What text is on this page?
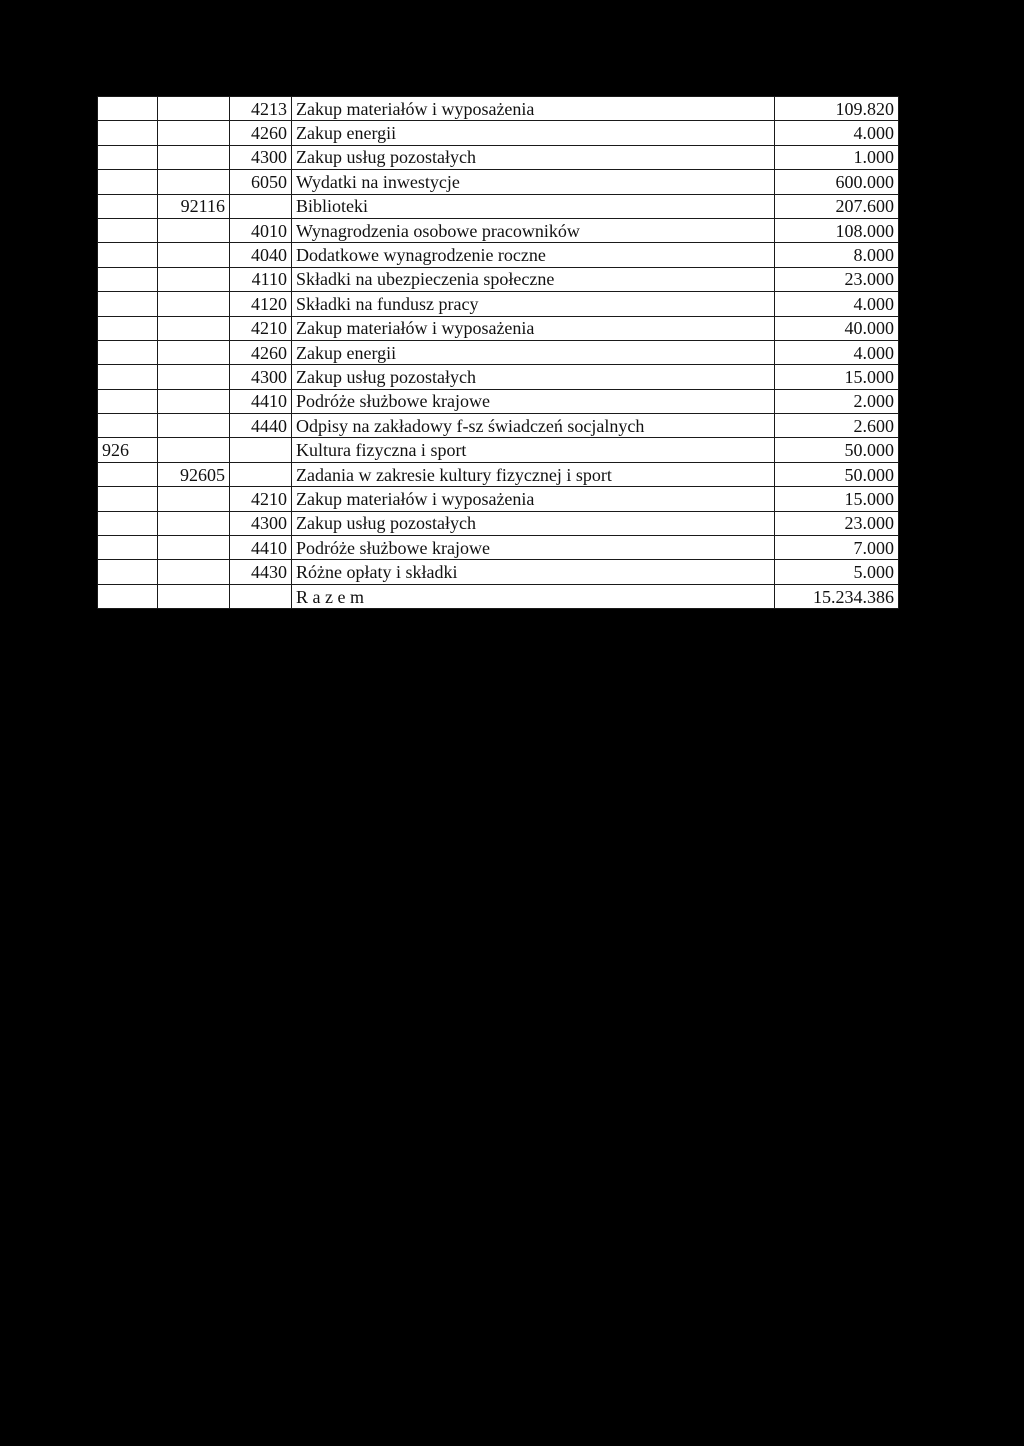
		4213	Zakup materiałów i wyposażenia	109.820
		4260	Zakup energii	4.000
		4300	Zakup usług pozostałych	1.000
		6050	Wydatki na inwestycje	600.000
	92116		Biblioteki	207.600
		4010	Wynagrodzenia osobowe pracowników	108.000
		4040	Dodatkowe wynagrodzenie roczne	8.000
		4110	Składki na ubezpieczenia społeczne	23.000
		4120	Składki na fundusz pracy	4.000
		4210	Zakup materiałów i wyposażenia	40.000
		4260	Zakup energii	4.000
		4300	Zakup usług pozostałych	15.000
		4410	Podróże służbowe krajowe	2.000
		4440	Odpisy na zakładowy f-sz świadczeń socjalnych	2.600
926			Kultura fizyczna i sport	50.000
	92605		Zadania w zakresie kultury fizycznej i sport	50.000
		4210	Zakup materiałów i wyposażenia	15.000
		4300	Zakup usług pozostałych	23.000
		4410	Podróże służbowe krajowe	7.000
		4430	Różne opłaty i składki	5.000
			R a z e m	15.234.386
